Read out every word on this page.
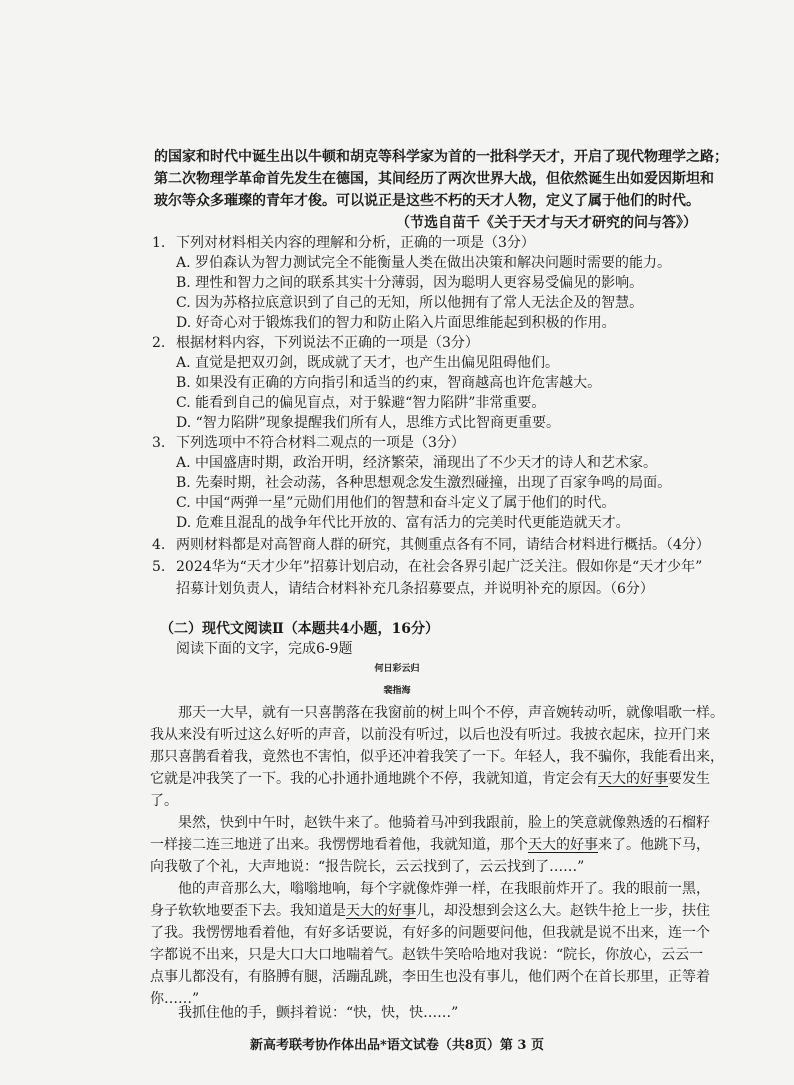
的国家和时代中诞生出以牛顿和胡克等科学家为首的一批科学天才，开启了现代物理学之路；
第二次物理学革命首先发生在德国，其间经历了两次世界大战，但依然诞生出如爱因斯坦和
玻尔等众多璀璨的青年才俊。可以说正是这些不朽的天才人物，定义了属于他们的时代。
（节选自苗千《关于天才与天才研究的问与答》）
1. 下列对材料相关内容的理解和分析，正确的一项是（3分）
A. 罗伯森认为智力测试完全不能衡量人类在做出决策和解决问题时需要的能力。
B. 理性和智力之间的联系其实十分薄弱，因为聪明人更容易受偏见的影响。
C. 因为苏格拉底意识到了自己的无知，所以他拥有了常人无法企及的智慧。
D. 好奇心对于锻炼我们的智力和防止陷入片面思维能起到积极的作用。
2. 根据材料内容，下列说法不正确的一项是（3分）
A. 直觉是把双刃剑，既成就了天才，也产生出偏见阻碍他们。
B. 如果没有正确的方向指引和适当的约束，智商越高也许危害越大。
C. 能看到自己的偏见盲点，对于躲避“智力陷阱”非常重要。
D. “智力陷阱”现象提醒我们所有人，思维方式比智商更重要。
3. 下列选项中不符合材料二观点的一项是（3分）
A. 中国盛唐时期，政治开明，经济繁荣，涌现出了不少天才的诗人和艺术家。
B. 先秦时期，社会动荡，各种思想观念发生激烈碰撞，出现了百家争鸣的局面。
C. 中国“两弹一星”元勋们用他们的智慧和奋斗定义了属于他们的时代。
D. 危难且混乱的战争年代比开放的、富有活力的完美时代更能造就天才。
4. 两则材料都是对高智商人群的研究，其侧重点各有不同，请结合材料进行概括。（4分）
5. 2024华为“天才少年”招募计划启动，在社会各界引起广泛关注。假如你是“天才少年”
招募计划负责人，请结合材料补充几条招募要点，并说明补充的原因。（6分）
（二）现代文阅读Ⅱ（本题共4小题，16分）
阅读下面的文字，完成6-9题
何日彩云归
裴指海
　　那天一大早，就有一只喜鹊落在我窗前的树上叫个不停，声音婉转动听，就像唱歌一样。
我从来没有听过这么好听的声音，以前没有听过，以后也没有听过。我披衣起床，拉开门来
那只喜鹊看着我，竟然也不害怕，似乎还冲着我笑了一下。年轻人，我不骗你，我能看出来，
它就是冲我笑了一下。我的心扑通扑通地跳个不停，我就知道，肯定会有天大的好事要发生
了。
　　果然，快到中午时，赵铁牛来了。他骑着马冲到我跟前，脸上的笑意就像熟透的石榴籽
一样接二连三地迸了出来。我愣愣地看着他，我就知道，那个天大的好事来了。他跳下马，
向我敬了个礼，大声地说：“报告院长，云云找到了，云云找到了……”
　　他的声音那么大，嗡嗡地响，每个字就像炸弹一样，在我眼前炸开了。我的眼前一黑，
身子软软地要歪下去。我知道是天大的好事儿，却没想到会这么大。赵铁牛抢上一步，扶住
了我。我愣愣地看着他，有好多话要说，有好多的问题要问他，但我就是说不出来，连一个
字都说不出来，只是大口大口地喘着气。赵铁牛笑哈哈地对我说：“院长，你放心，云云一
点事儿都没有，有胳膊有腿，活蹦乱跳，李田生也没有事儿，他们两个在首长那里，正等着
你……”
　　我抓住他的手，颤抖着说：“快，快，快……”
新高考联考协作体出品*语文试卷（共8页）第 3 页
